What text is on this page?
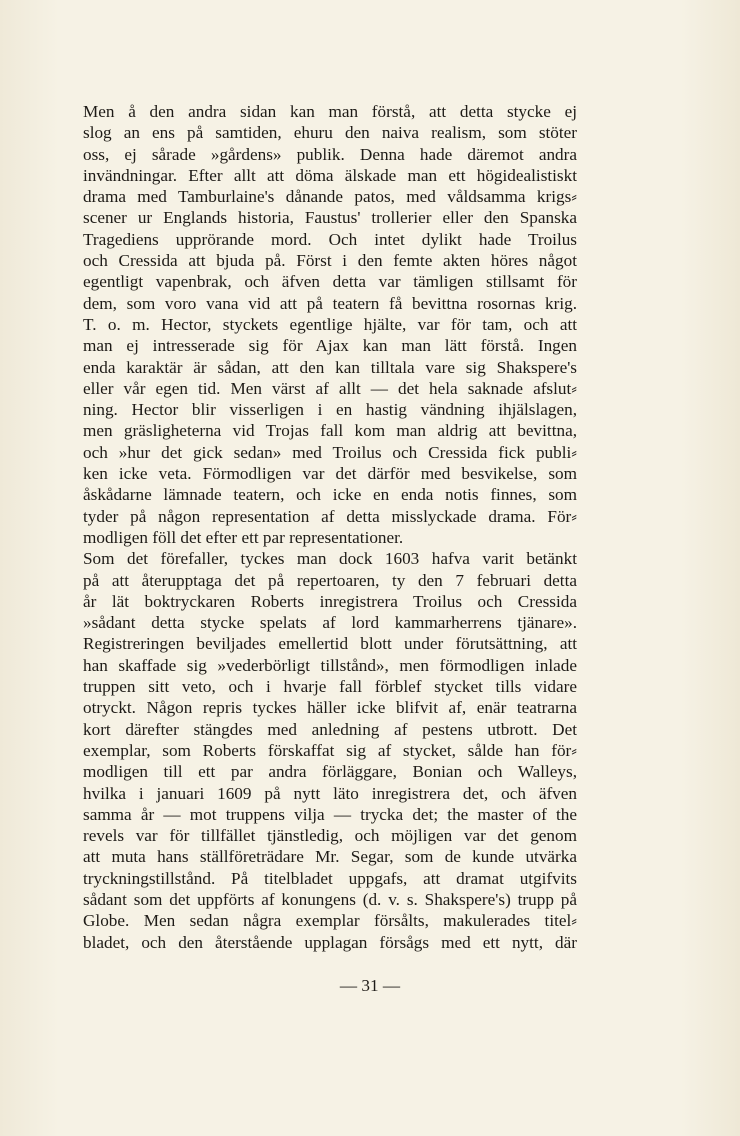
Men å den andra sidan kan man förstå, att detta stycke ej
slog an ens på samtiden, ehuru den naiva realism, som stöter
oss, ej sårade »gårdens» publik. Denna hade däremot andra
invändningar. Efter allt att döma älskade man ett högidealistiskt
drama med Tamburlaine's dånande patos, med våldsamma krigs⸗
scener ur Englands historia, Faustus' trollerier eller den Spanska
Tragediens upprörande mord. Och intet dylikt hade Troilus
och Cressida att bjuda på. Först i den femte akten höres något
egentligt vapenbrak, och äfven detta var tämligen stillsamt för
dem, som voro vana vid att på teatern få bevittna rosornas krig.
T. o. m. Hector, styckets egentlige hjälte, var för tam, och att
man ej intresserade sig för Ajax kan man lätt förstå. Ingen
enda karaktär är sådan, att den kan tilltala vare sig Shakspere's
eller vår egen tid. Men värst af allt — det hela saknade afslut⸗
ning. Hector blir visserligen i en hastig vändning ihjälslagen,
men gräsligheterna vid Trojas fall kom man aldrig att bevittna,
och »hur det gick sedan» med Troilus och Cressida fick publi⸗
ken icke veta. Förmodligen var det därför med besvikelse, som
åskådarne lämnade teatern, och icke en enda notis finnes, som
tyder på någon representation af detta misslyckade drama. För⸗
modligen föll det efter ett par representationer.
Som det förefaller, tyckes man dock 1603 hafva varit betänkt
på att återupptaga det på repertoaren, ty den 7 februari detta
år lät boktryckaren Roberts inregistrera Troilus och Cressida
»sådant detta stycke spelats af lord kammarherrens tjänare».
Registreringen beviljades emellertid blott under förutsättning, att
han skaffade sig »vederbörligt tillstånd», men förmodligen inlade
truppen sitt veto, och i hvarje fall förblef stycket tills vidare
otryckt. Någon repris tyckes häller icke blifvit af, enär teatrarna
kort därefter stängdes med anledning af pestens utbrott. Det
exemplar, som Roberts förskaffat sig af stycket, sålde han för⸗
modligen till ett par andra förläggare, Bonian och Walleys,
hvilka i januari 1609 på nytt läto inregistrera det, och äfven
samma år — mot truppens vilja — trycka det; the master of the
revels var för tillfället tjänstledig, och möjligen var det genom
att muta hans ställföreträdare Mr. Segar, som de kunde utvärka
tryckningstillstånd. På titelbladet uppgafs, att dramat utgifvits
sådant som det uppförts af konungens (d. v. s. Shakspere's) trupp på
Globe. Men sedan några exemplar försålts, makulerades titel⸗
bladet, och den återstående upplagan försågs med ett nytt, där
— 31 —
